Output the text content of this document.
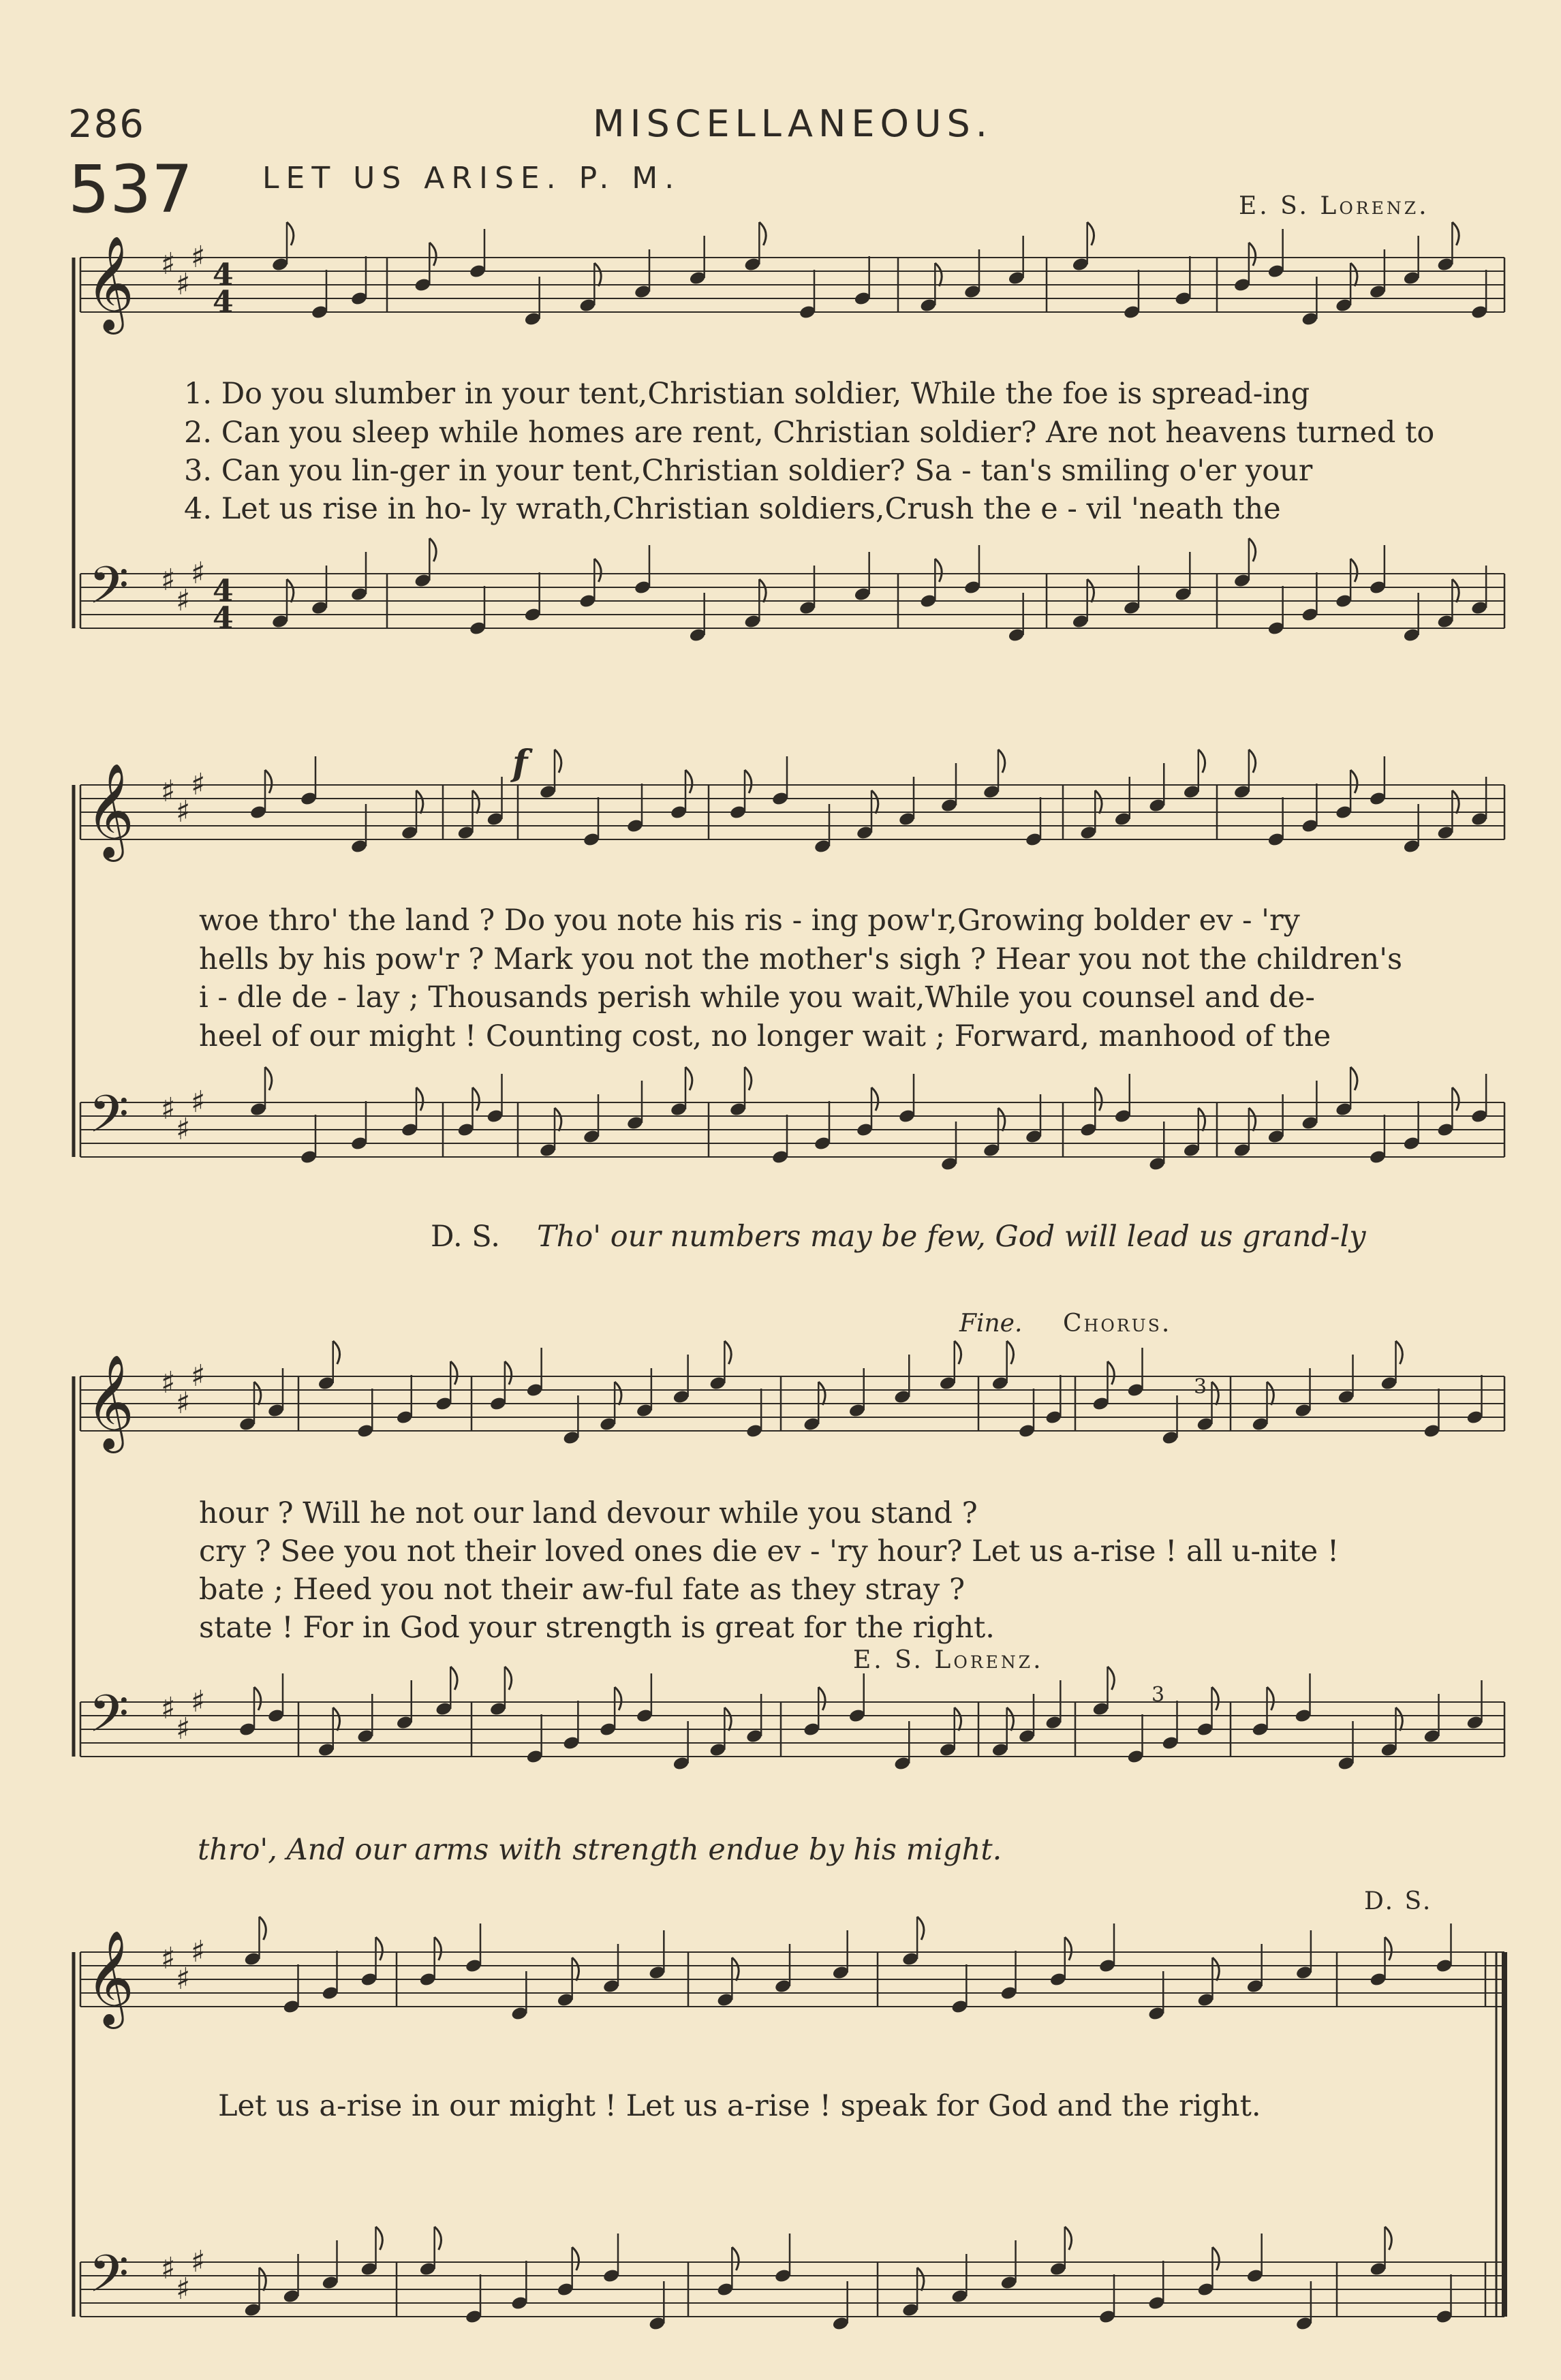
286	MISCELLANEOUS.
537 LET US ARISE. P. M.
E. S. Lorenz.
𝄞
𝄢
♯
♯
♯
♯
♯
♯
4
4
4
4
𝄞
𝄢
♯
♯
♯
♯
♯
♯
𝄞
𝄢
♯
♯
♯
♯
♯
♯
𝄞
𝄢
♯
♯
♯
♯
♯
♯
1. Do you slumber in your tent,Christian soldier, While the foe is spread-ing
2. Can you sleep while homes are rent, Christian soldier? Are not heavens turned to
3. Can you lin-ger in your tent,Christian soldier? Sa - tan's smiling o'er your
4. Let us rise in ho- ly wrath,Christian soldiers,Crush the e - vil 'neath the
f
woe thro' the land ? Do you note his ris - ing pow'r,Growing bolder ev - 'ry
hells by his pow'r ? Mark you not the mother's sigh ? Hear you not the children's
i - dle de - lay ; Thousands perish while you wait,While you counsel and de-
heel of our might ! Counting cost, no longer wait ; Forward, manhood of the
D. S. Tho' our numbers may be few, God will lead us grand-ly
Fine. Chorus.
3
hour ? Will he not our land devour while you stand ?
cry ? See you not their loved ones die ev - 'ry hour? Let us a-rise ! all u-nite !
bate ; Heed you not their aw-ful fate as they stray ?
state ! For in God your strength is great for the right.
E. S. Lorenz.
3
thro', And our arms with strength endue by his might.
D. S.
Let us a-rise in our might ! Let us a-rise ! speak for God and the right.
